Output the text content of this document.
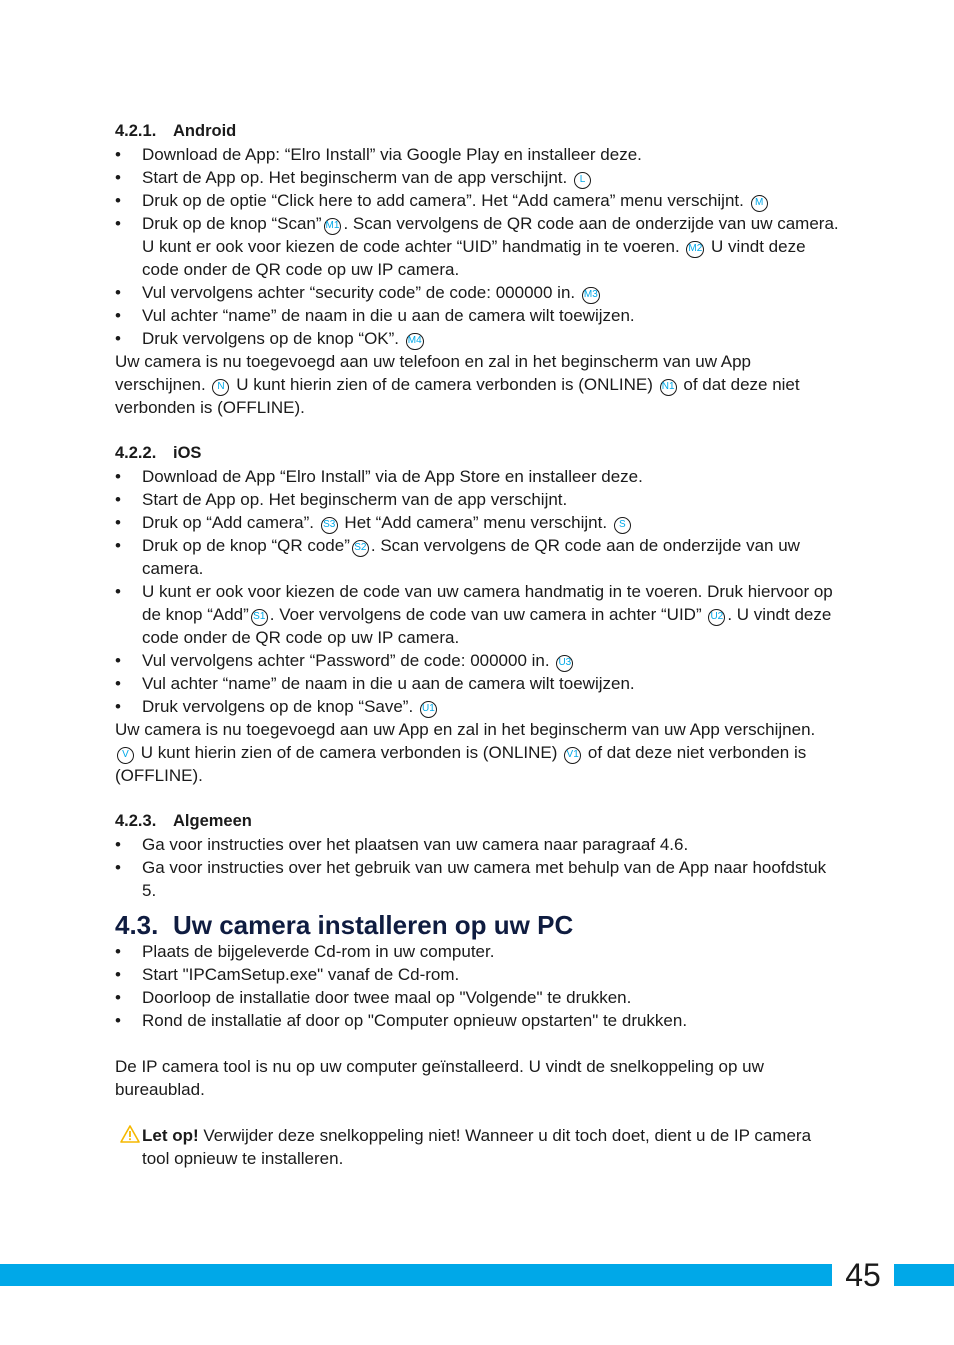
4.2.1. Android

• Download de App: “Elro Install” via Google Play en installeer deze.
• Start de App op. Het beginscherm van de app verschijnt. L
• Druk op de optie “Click here to add camera”. Het “Add camera” menu verschijnt. M
• Druk op de knop “Scan” M1 . Scan vervolgens de QR code aan de onderzijde van uw camera. U kunt er ook voor kiezen de code achter “UID” handmatig in te voeren. M2 U vindt deze code onder de QR code op uw IP camera.
• Vul vervolgens achter “security code” de code: 000000 in. M3
• Vul achter “name” de naam in die u aan de camera wilt toewijzen.
• Druk vervolgens op de knop “OK”. M4

Uw camera is nu toegevoegd aan uw telefoon en zal in het beginscherm van uw App verschijnen. N U kunt hierin zien of de camera verbonden is (ONLINE) N1 of dat deze niet verbonden is (OFFLINE).

4.2.2. iOS

• Download de App “Elro Install” via de App Store en installeer deze.
• Start de App op. Het beginscherm van de app verschijnt.
• Druk op “Add camera”. S3 Het “Add camera” menu verschijnt. S
• Druk op de knop “QR code” S2 . Scan vervolgens de QR code aan de onderzijde van uw camera.
• U kunt er ook voor kiezen de code van uw camera handmatig in te voeren. Druk hiervoor op de knop “Add” S1 . Voer vervolgens de code van uw camera in achter “UID” U2 . U vindt deze code onder de QR code op uw IP camera.
• Vul vervolgens achter “Password” de code: 000000 in. U3
• Vul achter “name” de naam in die u aan de camera wilt toewijzen.
• Druk vervolgens op de knop “Save”. U1

Uw camera is nu toegevoegd aan uw App en zal in het beginscherm van uw App verschijnen. V U kunt hierin zien of de camera verbonden is (ONLINE) V1 of dat deze niet verbonden is (OFFLINE).

4.2.3. Algemeen

• Ga voor instructies over het plaatsen van uw camera naar paragraaf 4.6.
• Ga voor instructies over het gebruik van uw camera met behulp van de App naar hoofdstuk 5.

4.3. Uw camera installeren op uw PC

• Plaats de bijgeleverde Cd-rom in uw computer.
• Start "IPCamSetup.exe" vanaf de Cd-rom.
• Doorloop de installatie door twee maal op "Volgende" te drukken.
• Rond de installatie af door op "Computer opnieuw opstarten" te drukken.

De IP camera tool is nu op uw computer geïnstalleerd. U vindt de snelkoppeling op uw bureaublad.

Let op! Verwijder deze snelkoppeling niet! Wanneer u dit toch doet, dient u de IP camera tool opnieuw te installeren.
45
